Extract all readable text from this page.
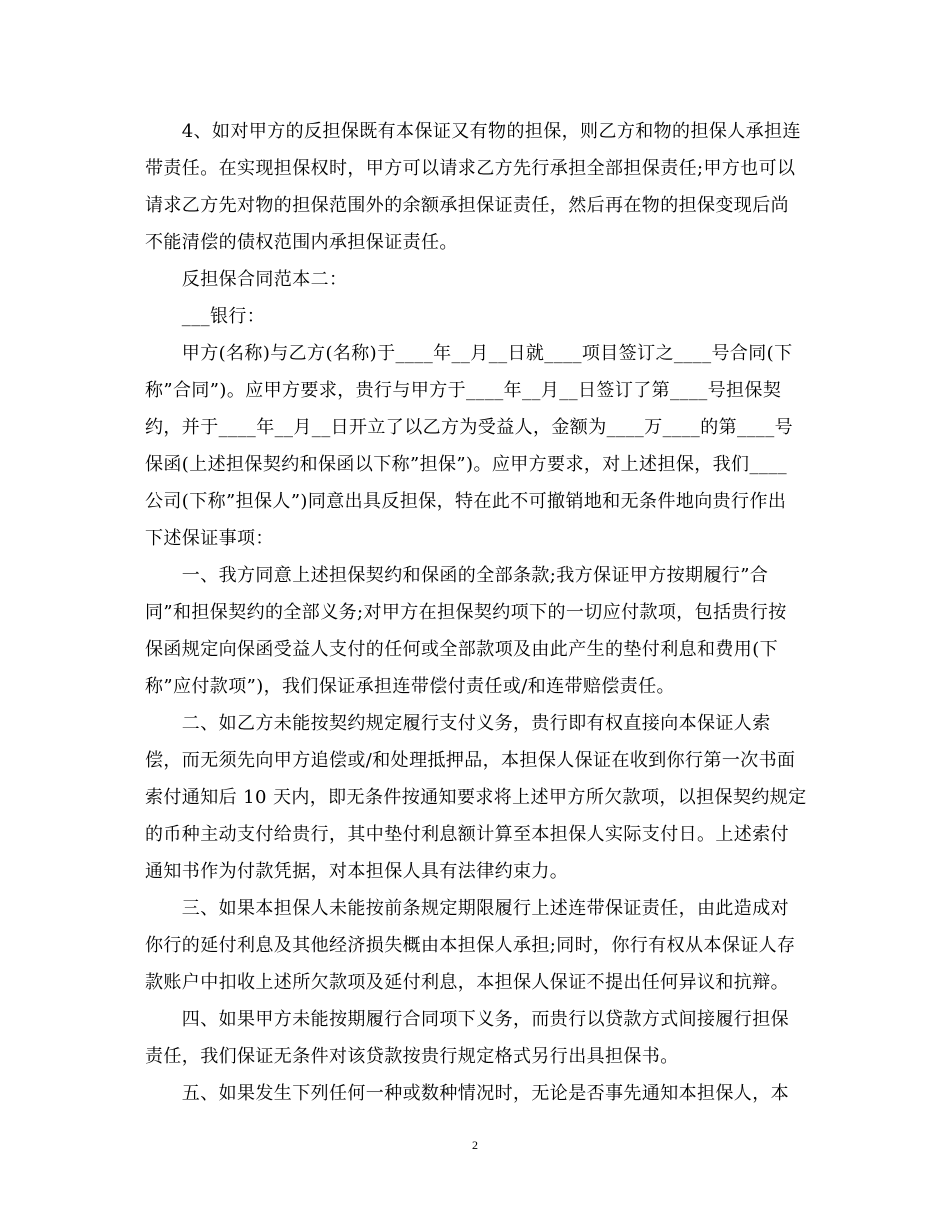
　　4、如对甲方的反担保既有本保证又有物的担保，则乙方和物的担保人承担连
带责任。在实现担保权时，甲方可以请求乙方先行承担全部担保责任;甲方也可以
请求乙方先对物的担保范围外的余额承担保证责任，然后再在物的担保变现后尚
不能清偿的债权范围内承担保证责任。
　　反担保合同范本二：
　　___银行：
　　甲方(名称)与乙方(名称)于____年__月__日就____项目签订之____号合同(下
称”合同”)。应甲方要求，贵行与甲方于____年__月__日签订了第____号担保契
约，并于____年__月__日开立了以乙方为受益人，金额为____万____的第____号
保函(上述担保契约和保函以下称”担保”)。应甲方要求，对上述担保，我们____
公司(下称”担保人”)同意出具反担保，特在此不可撤销地和无条件地向贵行作出
下述保证事项：
　　一、我方同意上述担保契约和保函的全部条款;我方保证甲方按期履行”合
同”和担保契约的全部义务;对甲方在担保契约项下的一切应付款项，包括贵行按
保函规定向保函受益人支付的任何或全部款项及由此产生的垫付利息和费用(下
称”应付款项”)，我们保证承担连带偿付责任或/和连带赔偿责任。
　　二、如乙方未能按契约规定履行支付义务，贵行即有权直接向本保证人索
偿，而无须先向甲方追偿或/和处理抵押品，本担保人保证在收到你行第一次书面
索付通知后 10 天内，即无条件按通知要求将上述甲方所欠款项，以担保契约规定
的币种主动支付给贵行，其中垫付利息额计算至本担保人实际支付日。上述索付
通知书作为付款凭据，对本担保人具有法律约束力。
　　三、如果本担保人未能按前条规定期限履行上述连带保证责任，由此造成对
你行的延付利息及其他经济损失概由本担保人承担;同时，你行有权从本保证人存
款账户中扣收上述所欠款项及延付利息，本担保人保证不提出任何异议和抗辩。
　　四、如果甲方未能按期履行合同项下义务，而贵行以贷款方式间接履行担保
责任，我们保证无条件对该贷款按贵行规定格式另行出具担保书。
　　五、如果发生下列任何一种或数种情况时，无论是否事先通知本担保人，本
2
